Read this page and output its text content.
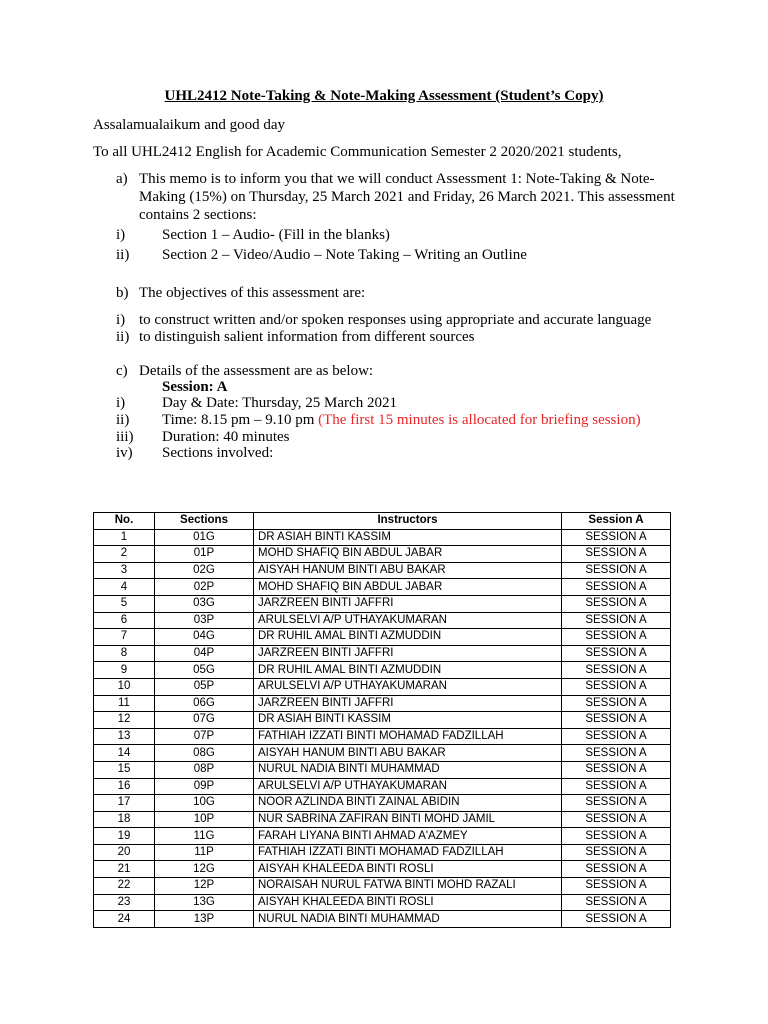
UHL2412 Note-Taking & Note-Making Assessment (Student’s Copy)
Assalamualaikum and good day
To all UHL2412 English for Academic Communication Semester 2 2020/2021 students,
a) This memo is to inform you that we will conduct Assessment 1: Note-Taking & Note-Making (15%) on Thursday, 25 March 2021 and Friday, 26 March 2021. This assessment contains 2 sections:
i) Section 1 – Audio- (Fill in the blanks)
ii) Section 2 – Video/Audio – Note Taking – Writing an Outline
b) The objectives of this assessment are:
i) to construct written and/or spoken responses using appropriate and accurate language
ii) to distinguish salient information from different sources
c) Details of the assessment are as below:
Session: A
i) Day & Date: Thursday, 25 March 2021
ii) Time: 8.15 pm – 9.10 pm (The first 15 minutes is allocated for briefing session)
iii) Duration: 40 minutes
iv) Sections involved:
No.	Sections	Instructors	Session A
1	01G	DR ASIAH BINTI KASSIM	SESSION A
2	01P	MOHD SHAFIQ BIN ABDUL JABAR	SESSION A
3	02G	AISYAH HANUM BINTI ABU BAKAR	SESSION A
4	02P	MOHD SHAFIQ BIN ABDUL JABAR	SESSION A
5	03G	JARZREEN BINTI JAFFRI	SESSION A
6	03P	ARULSELVI A/P UTHAYAKUMARAN	SESSION A
7	04G	DR RUHIL AMAL BINTI AZMUDDIN	SESSION A
8	04P	JARZREEN BINTI JAFFRI	SESSION A
9	05G	DR RUHIL AMAL BINTI AZMUDDIN	SESSION A
10	05P	ARULSELVI A/P UTHAYAKUMARAN	SESSION A
11	06G	JARZREEN BINTI JAFFRI	SESSION A
12	07G	DR ASIAH BINTI KASSIM	SESSION A
13	07P	FATHIAH IZZATI BINTI MOHAMAD FADZILLAH	SESSION A
14	08G	AISYAH HANUM BINTI ABU BAKAR	SESSION A
15	08P	NURUL NADIA BINTI MUHAMMAD	SESSION A
16	09P	ARULSELVI A/P UTHAYAKUMARAN	SESSION A
17	10G	NOOR AZLINDA BINTI ZAINAL ABIDIN	SESSION A
18	10P	NUR SABRINA ZAFIRAN BINTI MOHD JAMIL	SESSION A
19	11G	FARAH LIYANA BINTI AHMAD A'AZMEY	SESSION A
20	11P	FATHIAH IZZATI BINTI MOHAMAD FADZILLAH	SESSION A
21	12G	AISYAH KHALEEDA BINTI ROSLI	SESSION A
22	12P	NORAISAH NURUL FATWA BINTI MOHD RAZALI	SESSION A
23	13G	AISYAH KHALEEDA BINTI ROSLI	SESSION A
24	13P	NURUL NADIA BINTI MUHAMMAD	SESSION A
